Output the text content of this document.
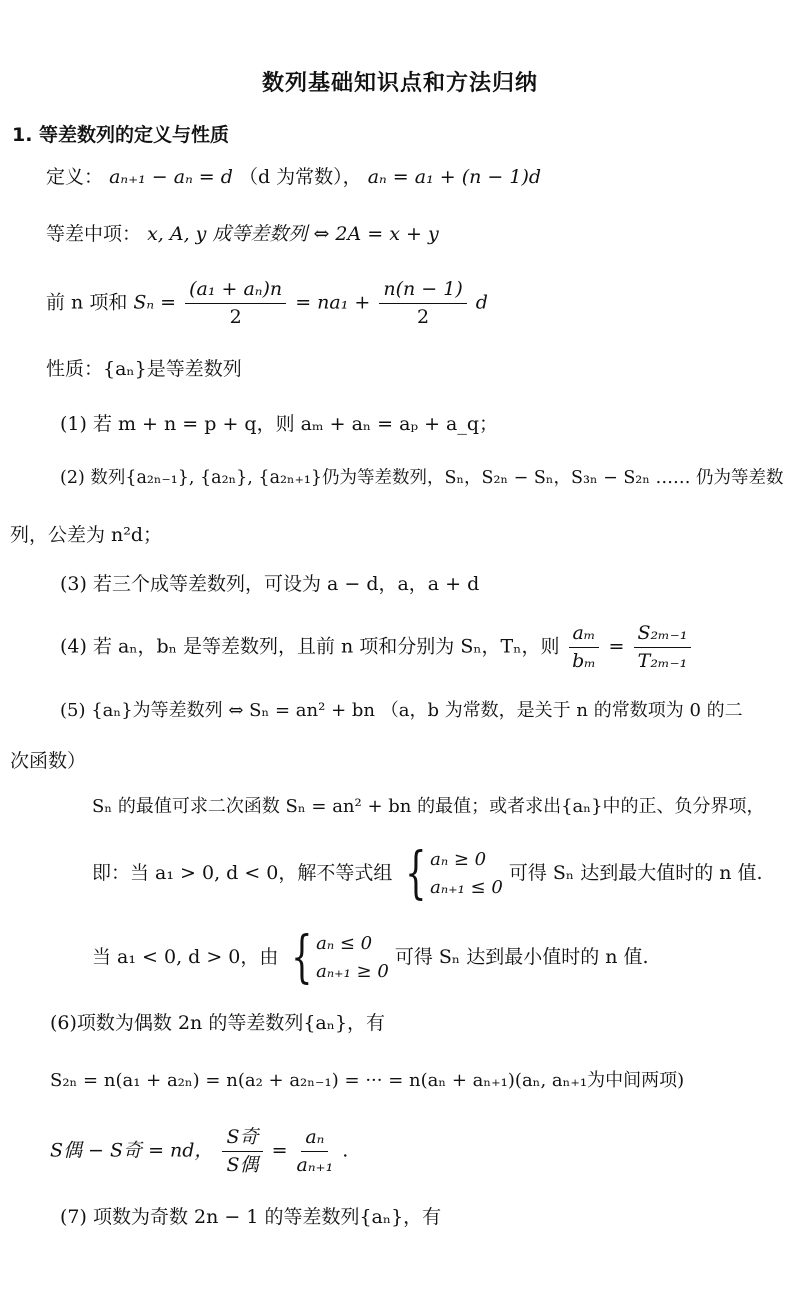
数列基础知识点和方法归纳
1. 等差数列的定义与性质
定义： aₙ₊₁ − aₙ = d （d 为常数）， aₙ = a₁ + (n − 1)d
等差中项： x, A, y 成等差数列 ⇔ 2A = x + y
前 n 项和 $S_n = \frac{\text{(a₁ + aₙ)n}}{2} = na_1 + \frac{n(n - 1)}{2}$ d
性质：{aₙ}是等差数列
(1) 若 m + n = p + q，则 aₘ + aₙ = aₚ + a_q；
(2) 数列{a₂ₙ₋₁}, {a₂ₙ}, {a₂ₙ₊₁}仍为等差数列，Sₙ，S₂ₙ − Sₙ，S₃ₙ − S₂ₙ …… 仍为等差数
列，公差为 n²d；
(3) 若三个成等差数列，可设为 a − d，a，a + d
(4) 若 aₙ，bₙ 是等差数列，且前 n 项和分别为 Sₙ，Tₙ，则 $\frac{\text{aₘ}}{\text{bₘ}} = \frac{\text{S₂ₘ₋₁}}{\text{T₂ₘ₋₁}}$
(5) {aₙ}为等差数列 ⇔ Sₙ = an² + bn （a，b 为常数，是关于 n 的常数项为 0 的二
次函数）
Sₙ 的最值可求二次函数 Sₙ = an² + bn 的最值；或者求出{aₙ}中的正、负分界项，
即：当 a₁ > 0, d < 0，解不等式组 { aₙ ≥ 0
aₙ₊₁ ≤ 0
可得 Sₙ 达到最大值时的 n 值.
当 a₁ < 0, d > 0，由 { aₙ ≤ 0
aₙ₊₁ ≥ 0
可得 Sₙ 达到最小值时的 n 值.
(6)项数为偶数 2n 的等差数列{aₙ}，有
S₂ₙ = n(a₁ + a₂ₙ) = n(a₂ + a₂ₙ₋₁) = ··· = n(aₙ + aₙ₊₁)(aₙ, aₙ₊₁为中间两项)
S偶 − S奇 = nd， $\frac{\text{S奇}}{\text{S偶}} = \frac{\text{aₙ}}{\text{aₙ₊₁}}$ .
(7) 项数为奇数 2n − 1 的等差数列{aₙ}，有
